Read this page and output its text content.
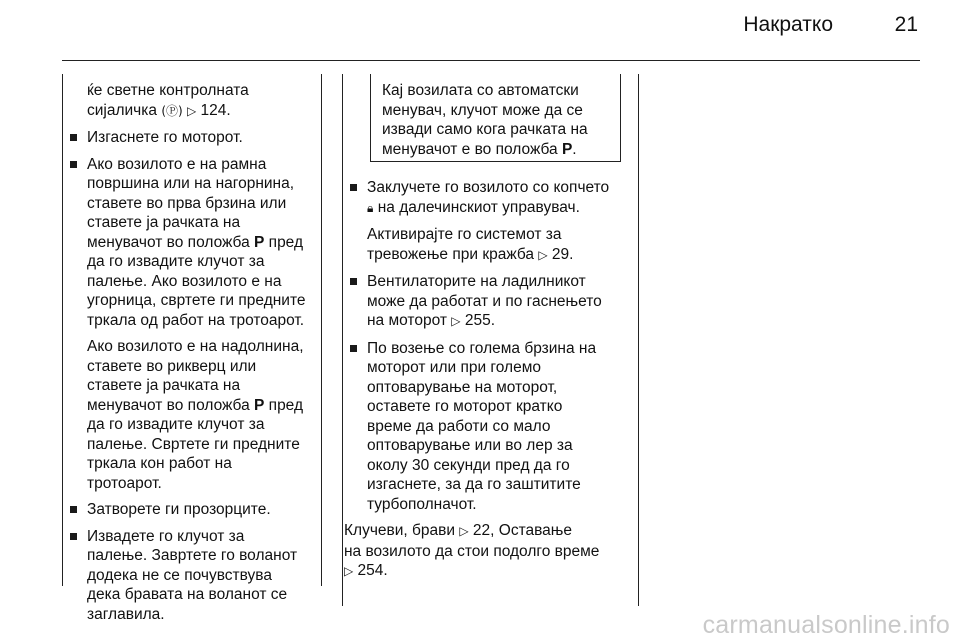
Накратко	21

ќе светне контролната
сијаличка (Ⓟ) ▷ 124.

Изгаснете го моторот.

Ако возилото е на рамна
површина или на нагорнина,
ставете во прва брзина или
ставете ја рачката на
менувачот во положба P пред
да го извадите клучот за
палење. Ако возилото е на
угорница, свртете ги предните
тркала од работ на тротоарот.

Ако возилото е на надолнина,
ставете во рикверц или
ставете ја рачката на
менувачот во положба P пред
да го извадите клучот за
палење. Свртете ги предните
тркала кон работ на
тротоарот.

Затворете ги прозорците.

Извадете го клучот за
палење. Завртете го воланот
додека не се почувствува
дека бравата на воланот се
заглавила.

Кај возилата со автоматски
менувач, клучот може да се
извади само кога рачката на
менувачот е во положба P.

Заклучете го возилото со копчето
🔒︎ на далечинскиот управувач.

Активирајте го системот за
тревожење при кражба ▷ 29.

Вентилаторите на ладилникот
може да работат и по гаснењето
на моторот ▷ 255.

По возење со голема брзина на
моторот или при големо
оптоварување на моторот,
оставете го моторот кратко
време да работи со мало
оптоварување или во лер за
околу 30 секунди пред да го
изгаснете, за да го заштитите
турбополначот.

Клучеви, брави ▷ 22, Оставање
на возилото да стои подолго време
▷ 254.

carmanualsonline.info
